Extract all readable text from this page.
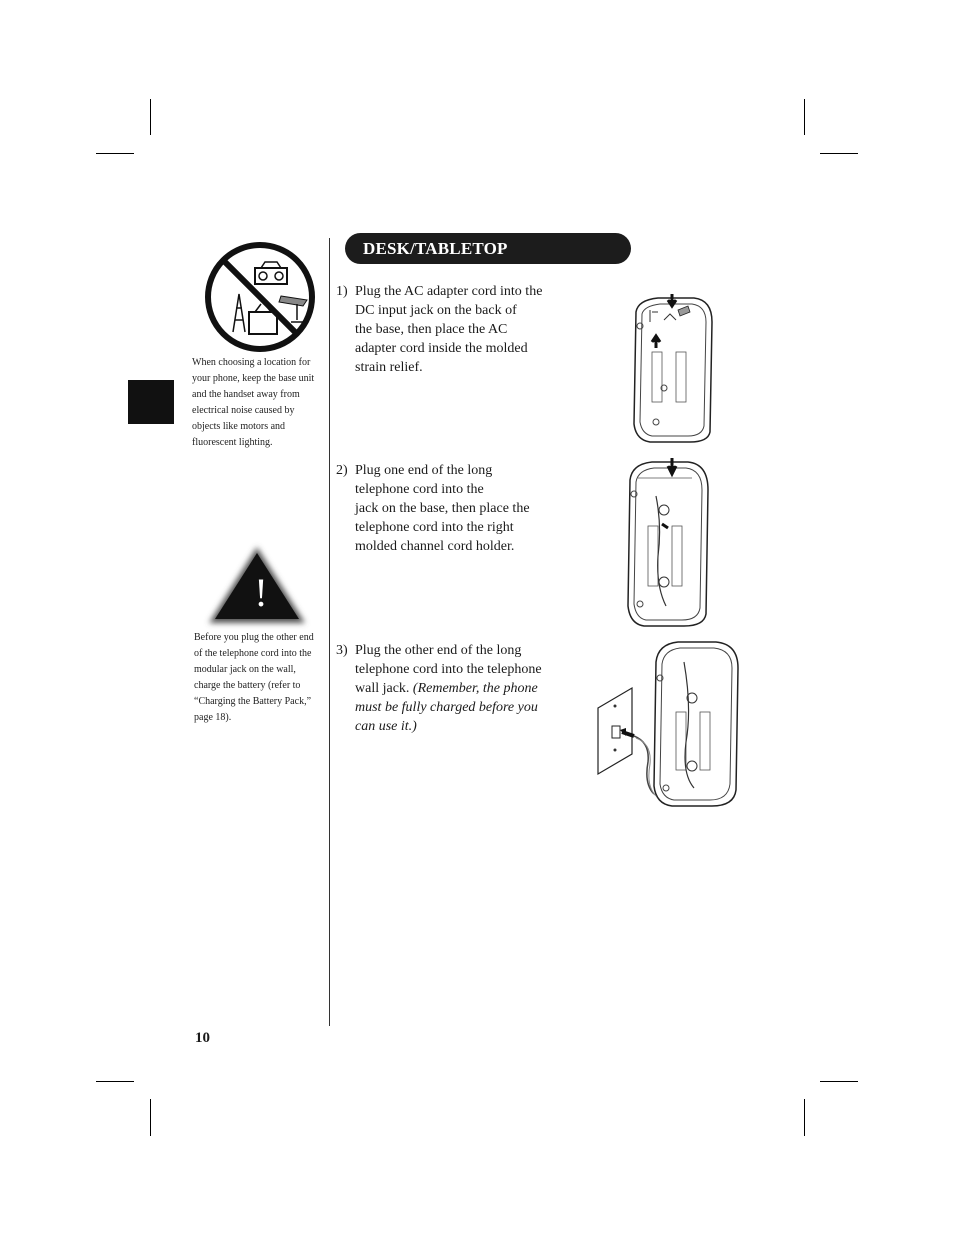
When choosing a location for
your phone, keep the base unit
and the handset away from
electrical noise caused by
objects like motors and
fluorescent lighting.
!
Before you plug the other end
of the telephone cord into the
modular jack on the wall,
charge the battery (refer to
“Charging the Battery Pack,”
page 18).
DESK/TABLETOP INSTALLATION
1) Plug the AC adapter cord into the
DC input jack on the back of
the base, then place the AC
adapter cord inside the molded
strain relief.
2) Plug one end of the long
telephone cord into the
jack on the base, then place the
telephone cord into the right
molded channel cord holder.
3) Plug the other end of the long
telephone cord into the telephone
wall jack. (Remember, the phone
must be fully charged before you
can use it.)
10
